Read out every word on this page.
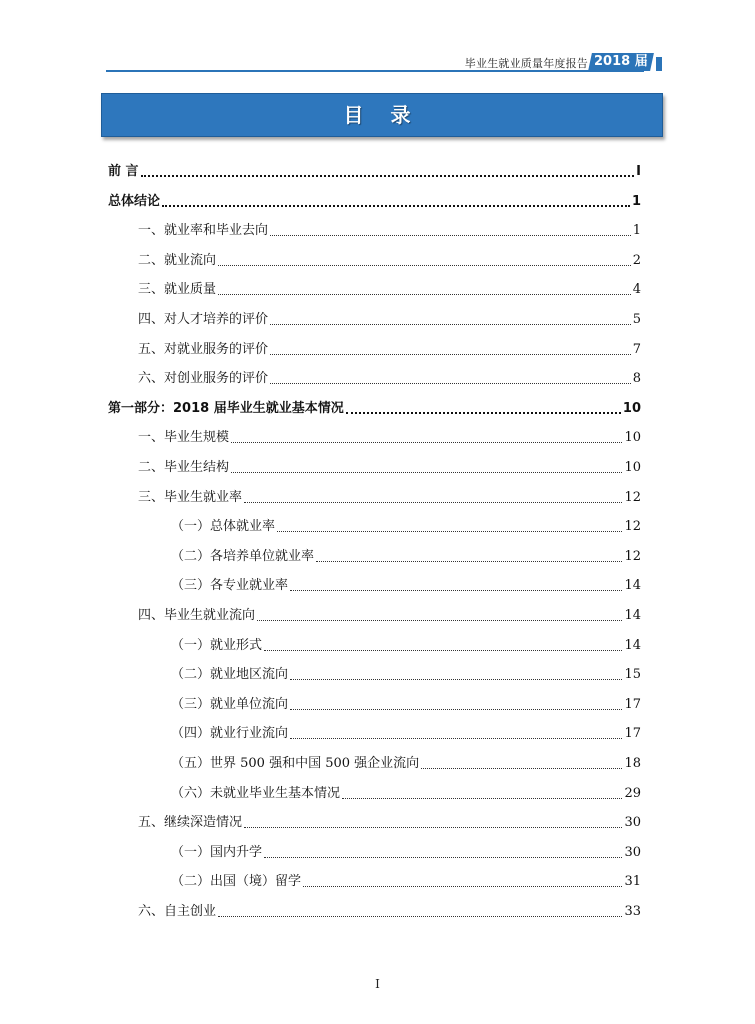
毕业生就业质量年度报告 2018 届
目 录
前 言	I
总体结论	1
一、就业率和毕业去向	1
二、就业流向	2
三、就业质量	4
四、对人才培养的评价	5
五、对就业服务的评价	7
六、对创业服务的评价	8
第一部分：2018 届毕业生就业基本情况	10
一、毕业生规模	10
二、毕业生结构	10
三、毕业生就业率	12
（一）总体就业率	12
（二）各培养单位就业率	12
（三）各专业就业率	14
四、毕业生就业流向	14
（一）就业形式	14
（二）就业地区流向	15
（三）就业单位流向	17
（四）就业行业流向	17
（五）世界 500 强和中国 500 强企业流向	18
（六）未就业毕业生基本情况	29
五、继续深造情况	30
（一）国内升学	30
（二）出国（境）留学	31
六、自主创业	33
I
